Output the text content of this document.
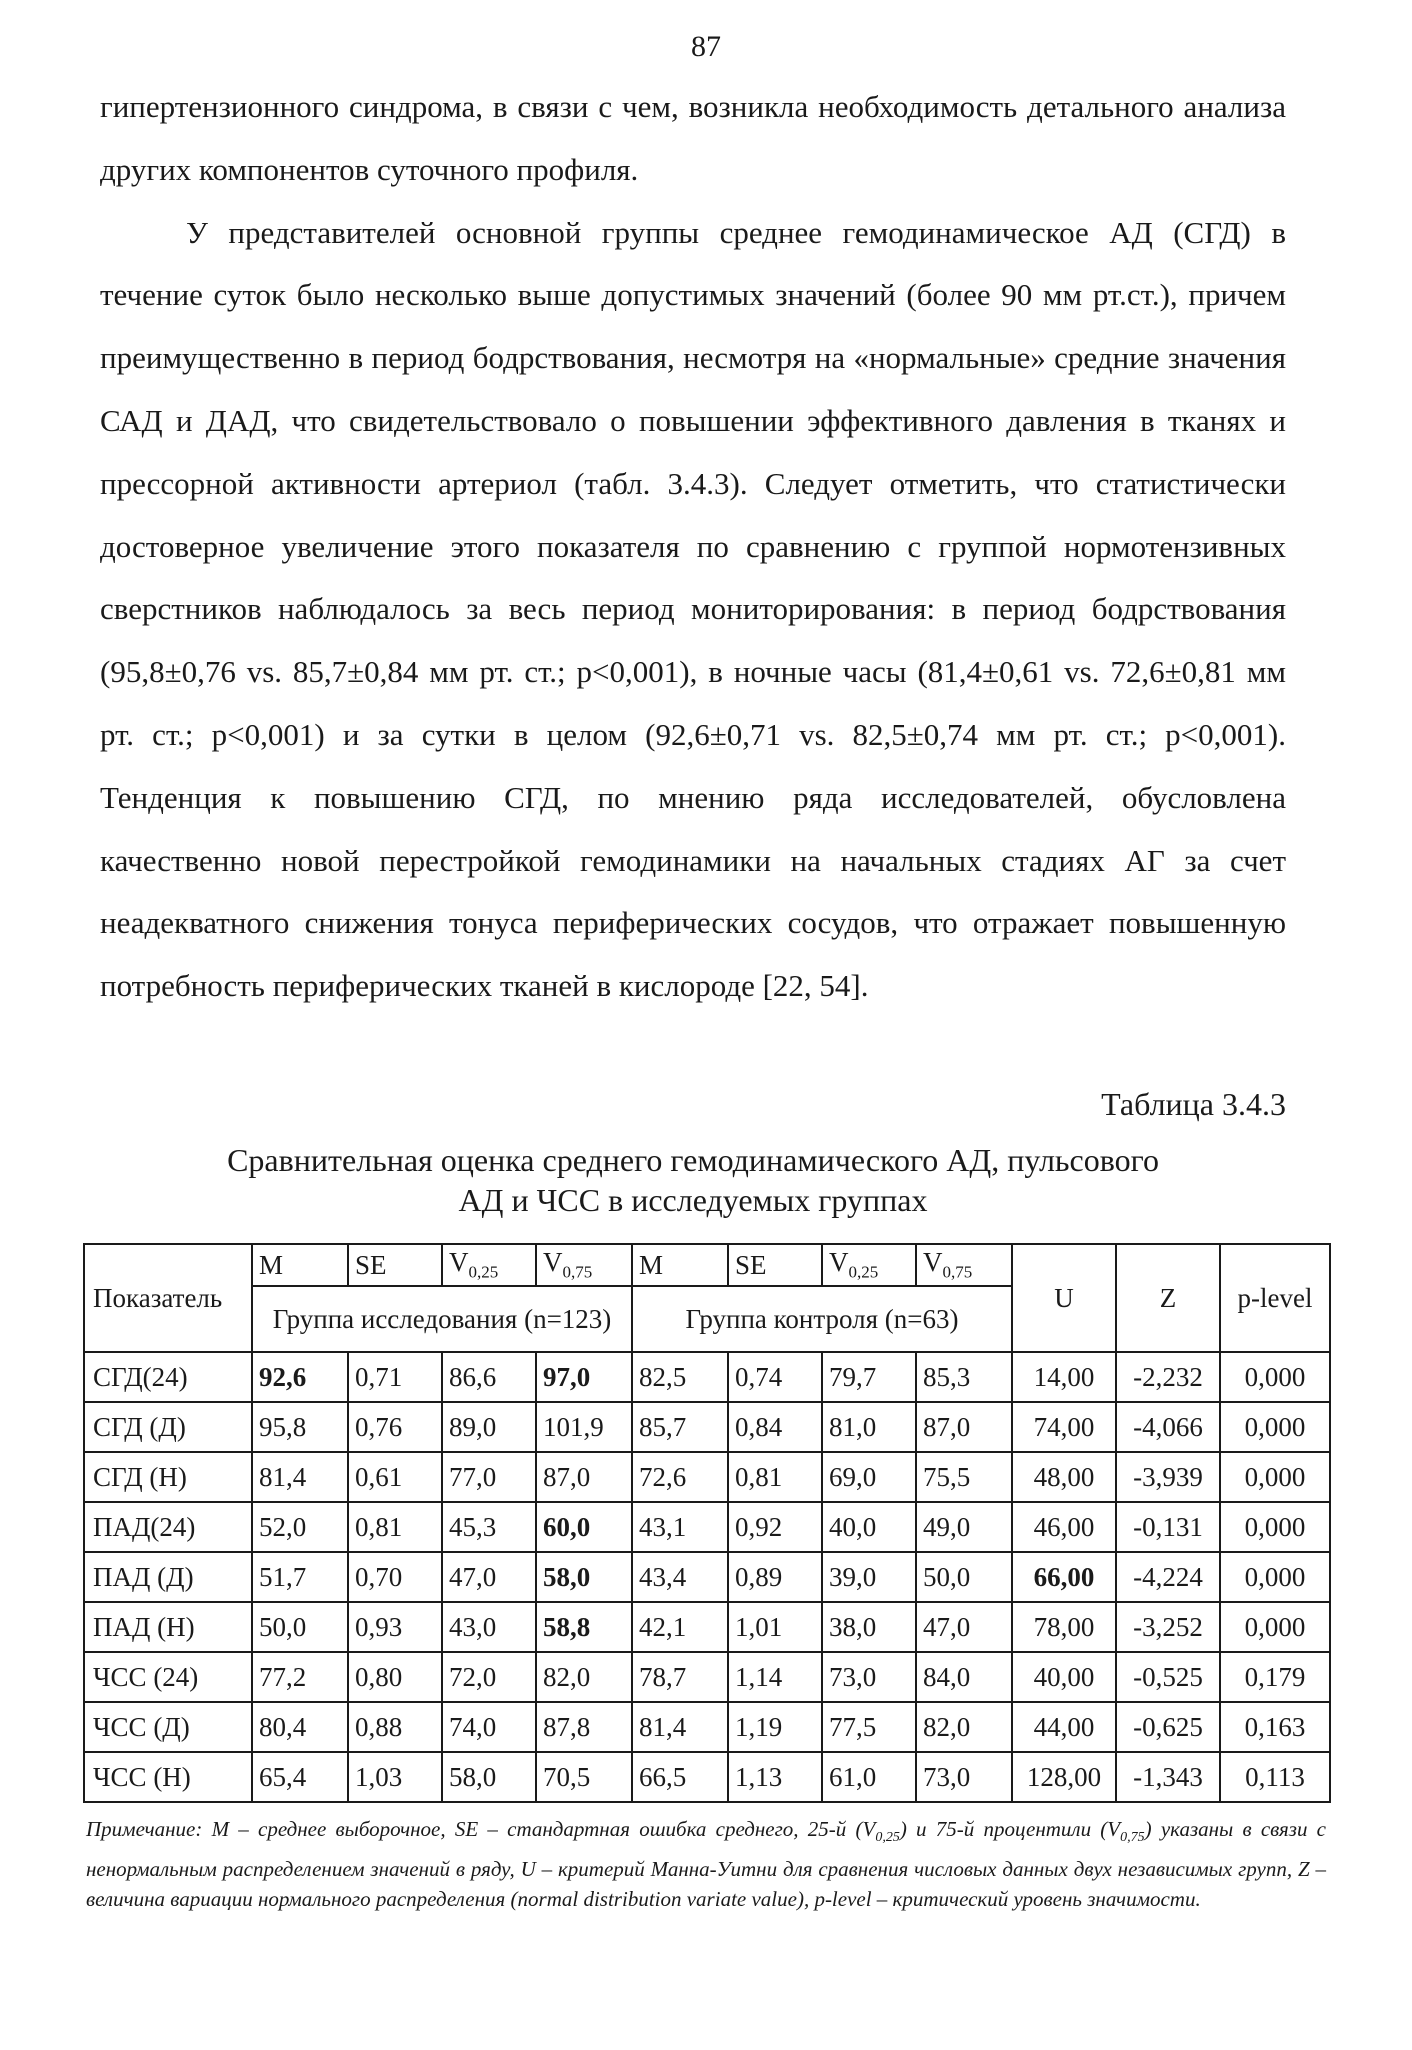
87

гипертензионного синдрома, в связи с чем, возникла необходимость детального анализа других компонентов суточного профиля.

У представителей основной группы среднее гемодинамическое АД (СГД) в течение суток было несколько выше допустимых значений (более 90 мм рт.ст.), причем преимущественно в период бодрствования, несмотря на «нормальные» средние значения САД и ДАД, что свидетельствовало о повышении эффективного давления в тканях и прессорной активности артериол (табл. 3.4.3). Следует отметить, что статистически достоверное увеличение этого показателя по сравнению с группой нормотензивных сверстников наблюдалось за весь период мониторирования: в период бодрствования (95,8±0,76 vs. 85,7±0,84 мм рт. ст.; p<0,001), в ночные часы (81,4±0,61 vs. 72,6±0,81 мм рт. ст.; p<0,001) и за сутки в целом (92,6±0,71 vs. 82,5±0,74 мм рт. ст.; p<0,001). Тенденция к повышению СГД, по мнению ряда исследователей, обусловлена качественно новой перестройкой гемодинамики на начальных стадиях АГ за счет неадекватного снижения тонуса периферических сосудов, что отражает повышенную потребность периферических тканей в кислороде [22, 54].

Таблица 3.4.3
Сравнительная оценка среднего гемодинамического АД, пульсового
АД и ЧСС в исследуемых группах
Показатель	M	SE	$V_{0,25}$	$V_{0,75}$	M	SE	$V_{0,25}$	$V_{0,75}$	U	Z	p-level
	Группа исследования (n=123)				Группа контроля (n=63)						
СГД(24)	92,6	0,71	86,6	97,0	82,5	0,74	79,7	85,3	14,00	-2,232	0,000
СГД (Д)	95,8	0,76	89,0	101,9	85,7	0,84	81,0	87,0	74,00	-4,066	0,000
СГД (Н)	81,4	0,61	77,0	87,0	72,6	0,81	69,0	75,5	48,00	-3,939	0,000
ПАД(24)	52,0	0,81	45,3	60,0	43,1	0,92	40,0	49,0	46,00	-0,131	0,000
ПАД (Д)	51,7	0,70	47,0	58,0	43,4	0,89	39,0	50,0	66,00	-4,224	0,000
ПАД (Н)	50,0	0,93	43,0	58,8	42,1	1,01	38,0	47,0	78,00	-3,252	0,000
ЧСС (24)	77,2	0,80	72,0	82,0	78,7	1,14	73,0	84,0	40,00	-0,525	0,179
ЧСС (Д)	80,4	0,88	74,0	87,8	81,4	1,19	77,5	82,0	44,00	-0,625	0,163
ЧСС (Н)	65,4	1,03	58,0	70,5	66,5	1,13	61,0	73,0	128,00	-1,343	0,113
Примечание: M – среднее выборочное, SE – стандартная ошибка среднего, 25-й $(V_{0,25})$ и 75-й процентили $(V_{0,75})$ указаны в связи с ненормальным распределением значений в ряду, U – критерий Манна-Уитни для сравнения числовых данных двух независимых групп, Z – величина вариации нормального распределения (normal distribution variate value), p-level – критический уровень значимости.
